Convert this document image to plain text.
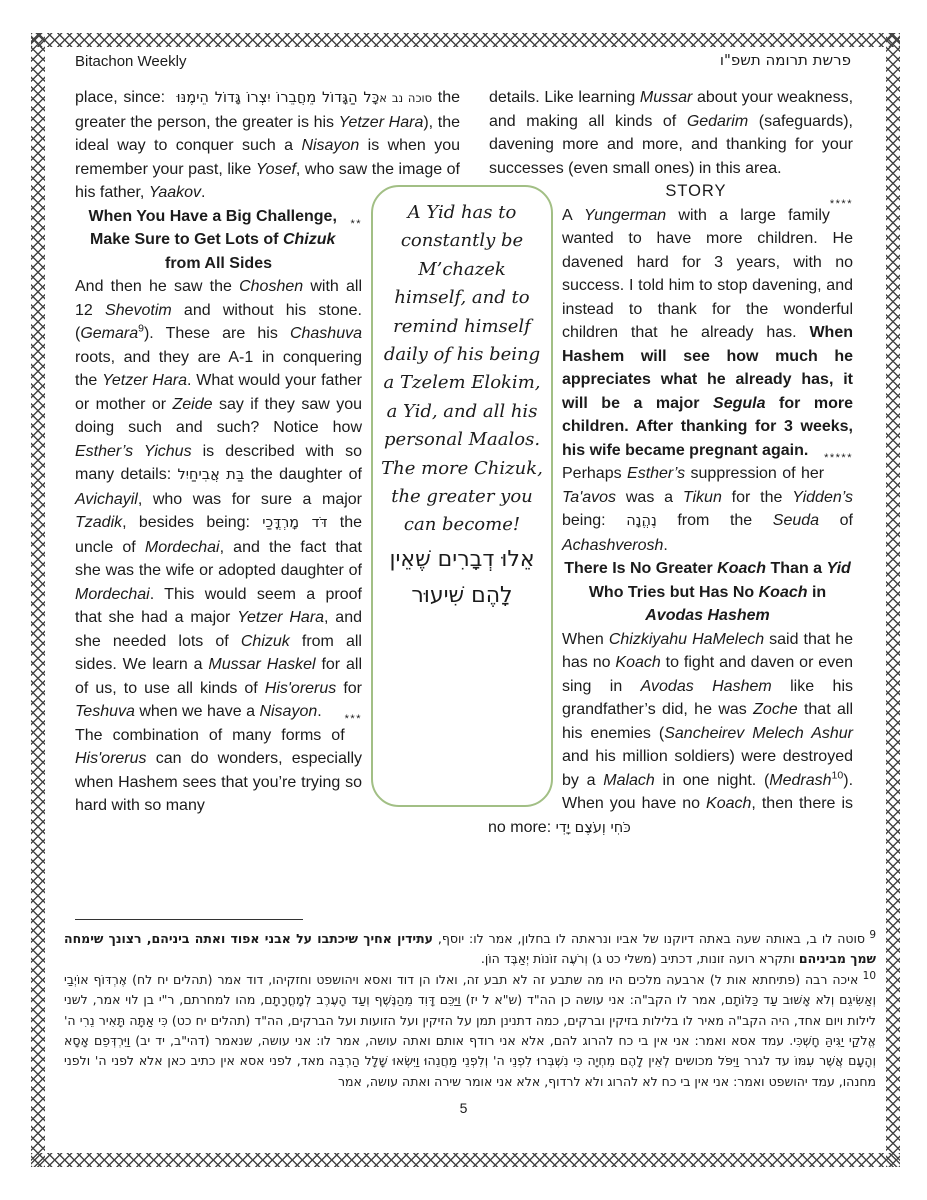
Bitachon Weekly	פרשת תרומה תשפ"ו
place, since: כָּל הַגָּדוֹל מֵחֲבֵרוֹ יִצְרוֹ גָּדוֹל הֵימֶנּוּ סוכה נב א the greater the person, the greater is his Yetzer Hara), the ideal way to conquer such a Nisayon is when you remember your past, like Yosef, who saw the image of his father, Yaakov.
**
When You Have a Big Challenge, Make Sure to Get Lots of Chizuk from All Sides
And then he saw the Choshen with all 12 Shevotim and without his stone. (Gemara$^9$). These are his Chashuva roots, and they are A-1 in conquering the Yetzer Hara. What would your father or mother or Zeide say if they saw you doing such and such? Notice how Esther’s Yichus is described with so many details: בַּת אֲבִיחַיִל the daughter of Avichayil, who was for sure a major Tzadik, besides being: דֹּד מָרְדֳּכַי the uncle of Mordechai, and the fact that she was the wife or adopted daughter of Mordechai. This would seem a proof that she had a major Yetzer Hara, and she needed lots of Chizuk from all sides. We learn a Mussar Haskel for all of us, to use all kinds of His'orerus for Teshuva when we have a Nisayon. ***
The combination of many forms of His'orerus can do wonders, especially when Hashem sees that you’re trying so hard with so many
details. Like learning Mussar about your weakness, and making all kinds of Gedarim (safeguards), davening more and more, and thanking for your successes (even small ones) in this area.
****
STORY
A Yungerman with a large family wanted to have more children. He davened hard for 3 years, with no success. I told him to stop davening, and instead to thank for the wonderful children that he already has. When Hashem will see how much he appreciates what he already has, it will be a major Segula for more children. After thanking for 3 weeks, his wife became pregnant again. *****
Perhaps Esther’s suppression of her Ta'avos was a Tikun for the Yidden’s being: נֶהֱנָה from the Seuda of Achashverosh.
There Is No Greater Koach Than a Yid Who Tries but Has No Koach in Avodas Hashem
When Chizkiyahu HaMelech said that he has no Koach to fight and daven or even sing in Avodas Hashem like his grandfather’s did, he was Zoche that all his enemies (Sancheirev Melech Ashur and his million soldiers) were destroyed by a Malach in one night. (Medrash$^{10}$). When you have no Koach, then there is no more: כֹּחִי וְעֹצֶם יָדִי
A Yid has to constantly be M’chazek himself, and to remind himself daily of his being a Tzelem Elokim, a Yid, and all his personal Maalos. The more Chizuk, the greater you can become!
אֵלוּ דְבָרִים שֶׁאֵין לָהֶם שִׁיעוּר
$^9$ סוטה לו ב, באותה שעה באתה דיוקנו של אביו ונראתה לו בחלון, אמר לו: יוסף, עתידין אחיך שיכתבו על אבני אפוד ואתה ביניהם, רצונך שימחה שמך מביניהם ותקרא רועה זונות, דכתיב (משלי כט ג) וְרֹעֶה זוֹנוֹת יְאַבֶּד הוֹן.
$^{10}$ איכה רבה (פתיחתא אות ל) ארבעה מלכים היו מה שתבע זה לא תבע זה, ואלו הן דוד ואסא ויהושפט וחזקיהו, דוד אמר (תהלים יח לח) אֶרְדּוֹף אוֹיְבַי וְאַשִּׂיגֵם וְלֹא אָשׁוּב עַד כַּלּוֹתָם, אמר לו הקב"ה: אני עושה כן הה"ד (ש"א ל יז) וַיַּכֵּם דָּוִד מֵהַנֶּשֶׁף וְעַד הָעֶרֶב לְמָחֳרָתָם, מהו למחרתם, ר"י בן לוי אמר, לשני לילות ויום אחד, היה הקב"ה מאיר לו בלילות בזיקין וברקים, כמה דתנינן תמן על הזיקין ועל הזועות ועל הברקים, הה"ד (תהלים יח כט) כִּי אַתָּה תָּאִיר נֵרִי ה' אֱלֹקַי יַגִּיהַּ חָשְׁכִּי. עמד אסא ואמר: אני אין בי כח להרוג להם, אלא אני רודף אותם ואתה עושה, אמר לו: אני עושה, שנאמר (דהי"ב, יד יב) וַיִּרְדְּפֵם אָסָא וְהָעָם אֲשֶׁר עִמּוֹ עד לגרר וַיִּפֹּל מכושים לְאֵין לָהֶם מִחְיָה כִּי נִשְׁבְּרוּ לִפְנֵי ה' וְלִפְנֵי מַחֲנֵהוּ וַיִּשְׂאוּ שָׁלָל הַרְבֵּה מאד, לפני אסא אין כתיב כאן אלא לפני ה' ולפני מחנהו, עמד יהושפט ואמר: אני אין בי כח לא להרוג ולא לרדוף, אלא אני אומר שירה ואתה עושה, אמר
5
